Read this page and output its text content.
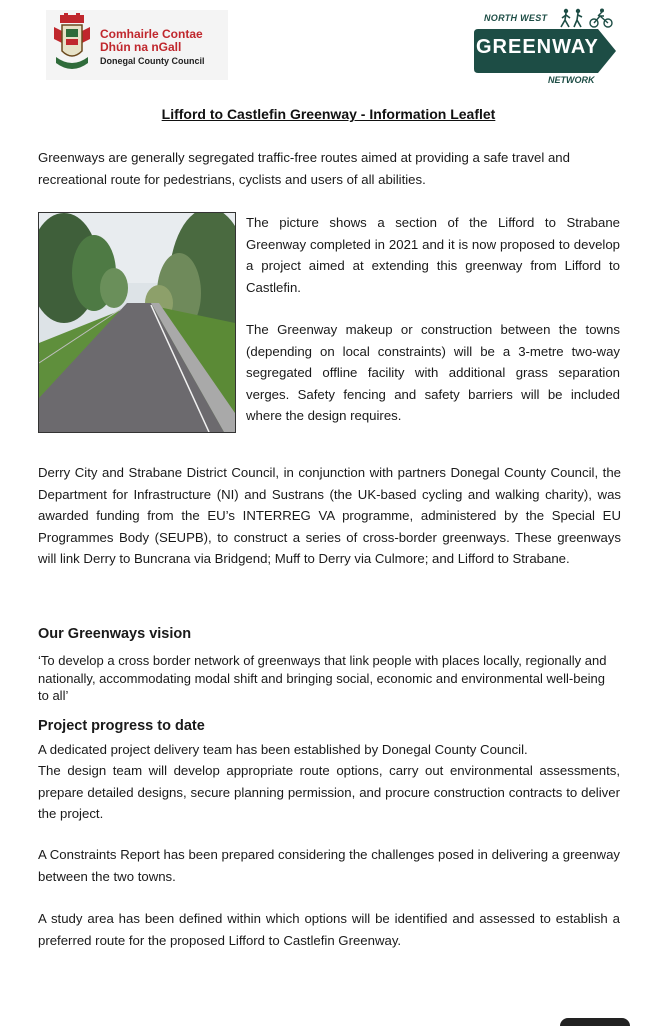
Comhairle Contae
Dhún na nGall
Donegal County Council
NORTH WEST
GREENWAY
NETWORK
Lifford to Castlefin Greenway - Information Leaflet

Greenways are generally segregated traffic-free routes aimed at providing a safe travel and recreational route for pedestrians, cyclists and users of all abilities.

The picture shows a section of the Lifford to Strabane Greenway completed in 2021 and it is now proposed to develop a project aimed at extending this greenway from Lifford to Castlefin.

The Greenway makeup or construction between the towns (depending on local constraints) will be a 3-metre two-way segregated offline facility with additional grass separation verges. Safety fencing and safety barriers will be included where the design requires.

Derry City and Strabane District Council, in conjunction with partners Donegal County Council, the Department for Infrastructure (NI) and Sustrans (the UK-based cycling and walking charity), was awarded funding from the EU’s INTERREG VA programme, administered by the Special EU Programmes Body (SEUPB), to construct a series of cross-border greenways. These greenways will link Derry to Buncrana via Bridgend; Muff to Derry via Culmore; and Lifford to Strabane.

Our Greenways vision

‘To develop a cross border network of greenways that link people with places locally, regionally and nationally, accommodating modal shift and bringing social, economic and environmental well-being to all’

Project progress to date

A dedicated project delivery team has been established by Donegal County Council.

The design team will develop appropriate route options, carry out environmental assessments, prepare detailed designs, secure planning permission, and procure construction contracts to deliver the project.

A Constraints Report has been prepared considering the challenges posed in delivering a greenway between the two towns.

A study area has been defined within which options will be identified and assessed to establish a preferred route for the proposed Lifford to Castlefin Greenway.
